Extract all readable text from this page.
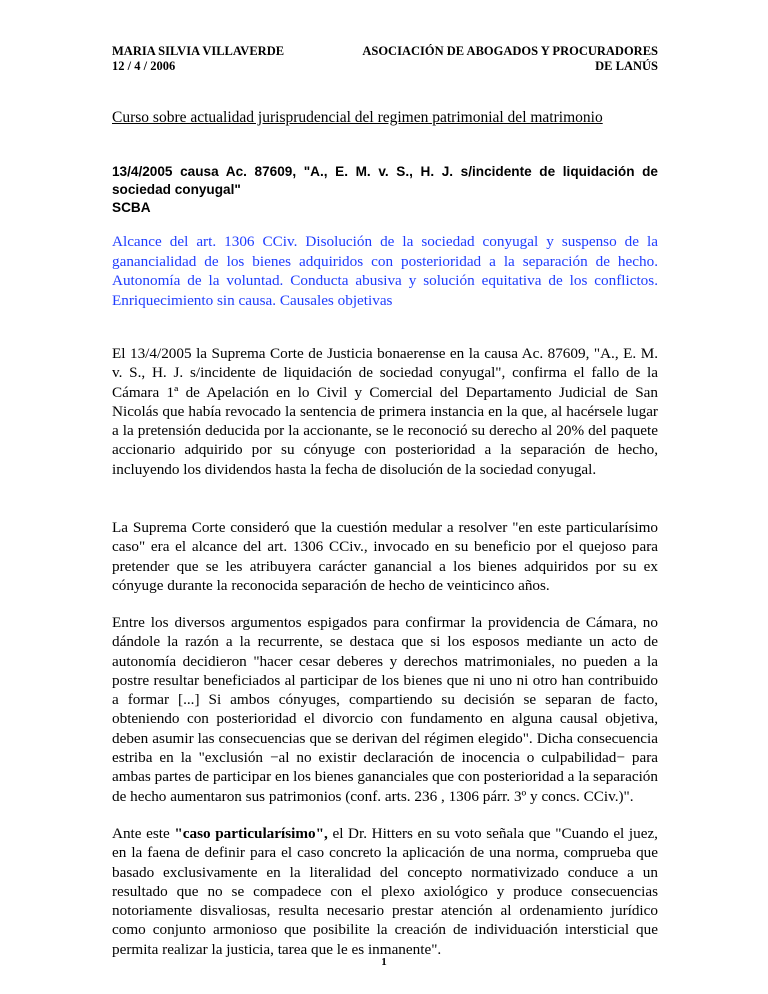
MARIA SILVIA VILLAVERDE
12 / 4 / 2006
ASOCIACIÓN DE ABOGADOS Y PROCURADORES
DE LANÚS
Curso sobre actualidad jurisprudencial del regimen patrimonial del matrimonio
13/4/2005 causa Ac. 87609, "A., E. M. v. S., H. J. s/incidente de liquidación de sociedad conyugal"
SCBA
Alcance del art. 1306 CCiv. Disolución de la sociedad conyugal y suspenso de la ganancialidad de los bienes adquiridos con posterioridad a la separación de hecho. Autonomía de la voluntad. Conducta abusiva y solución equitativa de los conflictos. Enriquecimiento sin causa. Causales objetivas
El 13/4/2005 la Suprema Corte de Justicia bonaerense en la causa Ac. 87609, "A., E. M. v. S., H. J. s/incidente de liquidación de sociedad conyugal", confirma el fallo de la Cámara 1ª de Apelación en lo Civil y Comercial del Departamento Judicial de San Nicolás que había revocado la sentencia de primera instancia en la que, al hacérsele lugar a la pretensión deducida por la accionante, se le reconoció su derecho al 20% del paquete accionario adquirido por su cónyuge con posterioridad a la separación de hecho, incluyendo los dividendos hasta la fecha de disolución de la sociedad conyugal.
La Suprema Corte consideró que la cuestión medular a resolver "en este particularísimo caso" era el alcance del art. 1306 CCiv., invocado en su beneficio por el quejoso para pretender que se les atribuyera carácter ganancial a los bienes adquiridos por su ex cónyuge durante la reconocida separación de hecho de veinticinco años.
Entre los diversos argumentos espigados para confirmar la providencia de Cámara, no dándole la razón a la recurrente, se destaca que si los esposos mediante un acto de autonomía decidieron "hacer cesar deberes y derechos matrimoniales, no pueden a la postre resultar beneficiados al participar de los bienes que ni uno ni otro han contribuido a formar [...] Si ambos cónyuges, compartiendo su decisión se separan de facto, obteniendo con posterioridad el divorcio con fundamento en alguna causal objetiva, deben asumir las consecuencias que se derivan del régimen elegido". Dicha consecuencia estriba en la "exclusión −al no existir declaración de inocencia o culpabilidad− para ambas partes de participar en los bienes gananciales que con posterioridad a la separación de hecho aumentaron sus patrimonios (conf. arts. 236 , 1306 párr. 3º y concs. CCiv.)".
Ante este "caso particularísimo", el Dr. Hitters en su voto señala que "Cuando el juez, en la faena de definir para el caso concreto la aplicación de una norma, comprueba que basado exclusivamente en la literalidad del concepto normativizado conduce a un resultado que no se compadece con el plexo axiológico y produce consecuencias notoriamente disvaliosas, resulta necesario prestar atención al ordenamiento jurídico como conjunto armonioso que posibilite la creación de individuación intersticial que permita realizar la justicia, tarea que le es inmanente".
1
